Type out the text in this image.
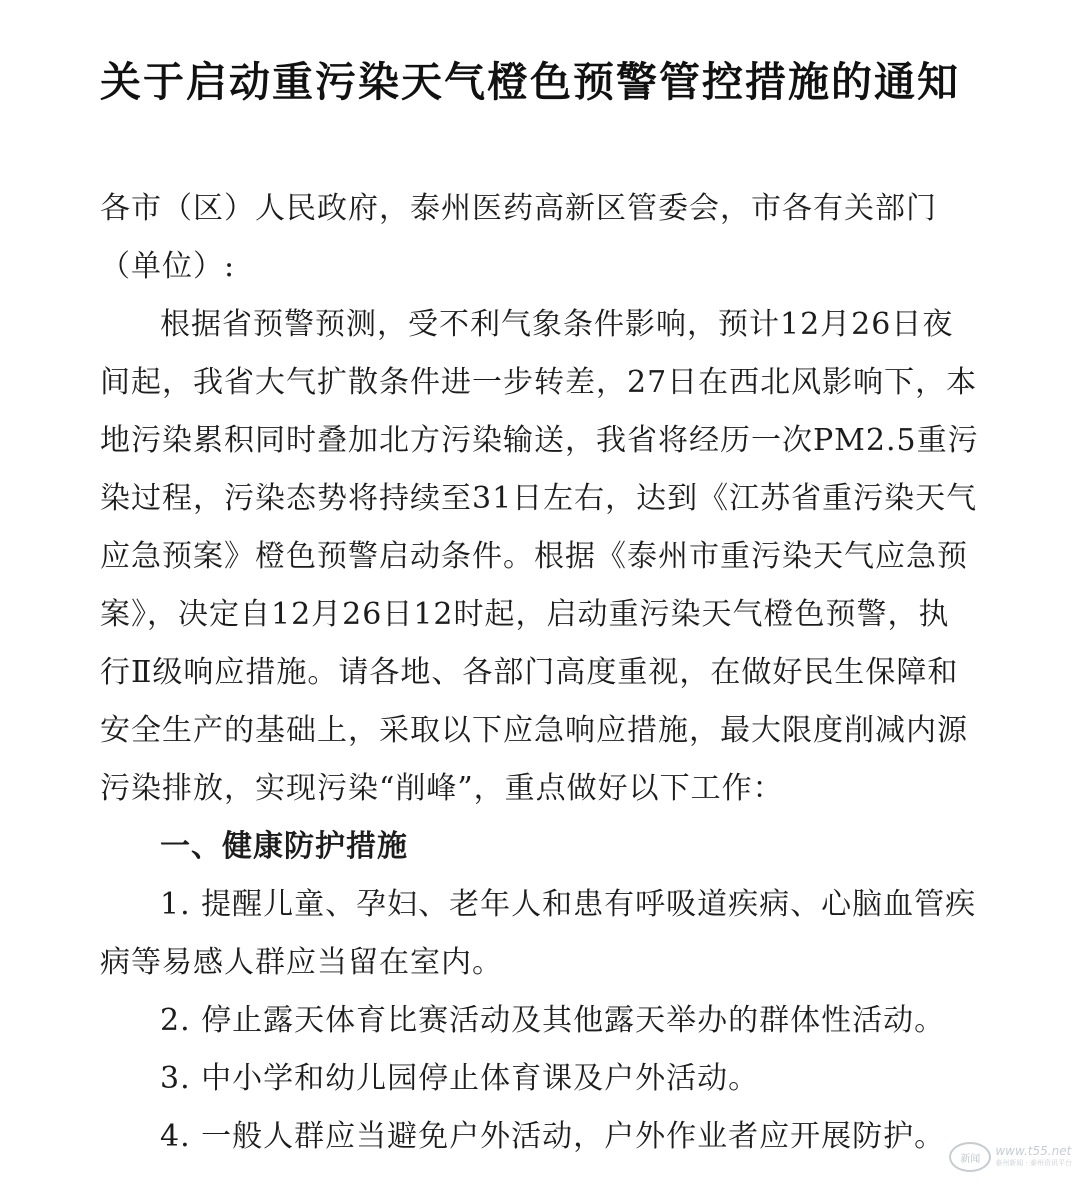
关于启动重污染天气橙色预警管控措施的通知

各市（区）人民政府，泰州医药高新区管委会，市各有关部门（单位）:

根据省预警预测，受不利气象条件影响，预计12月26日夜间起，我省大气扩散条件进一步转差，27日在西北风影响下，本地污染累积同时叠加北方污染输送，我省将经历一次PM2.5重污染过程，污染态势将持续至31日左右，达到《江苏省重污染天气应急预案》橙色预警启动条件。根据《泰州市重污染天气应急预案》，决定自12月26日12时起，启动重污染天气橙色预警，执行Ⅱ级响应措施。请各地、各部门高度重视，在做好民生保障和安全生产的基础上，采取以下应急响应措施，最大限度削减内源污染排放，实现污染“削峰”，重点做好以下工作：

一、健康防护措施

1. 提醒儿童、孕妇、老年人和患有呼吸道疾病、心脑血管疾病等易感人群应当留在室内。

2. 停止露天体育比赛活动及其他露天举办的群体性活动。

3. 中小学和幼儿园停止体育课及户外活动。

4. 一般人群应当避免户外活动，户外作业者应开展防护。

新闻
www.t55.net
泰州新闻 · 泰州资讯平台
